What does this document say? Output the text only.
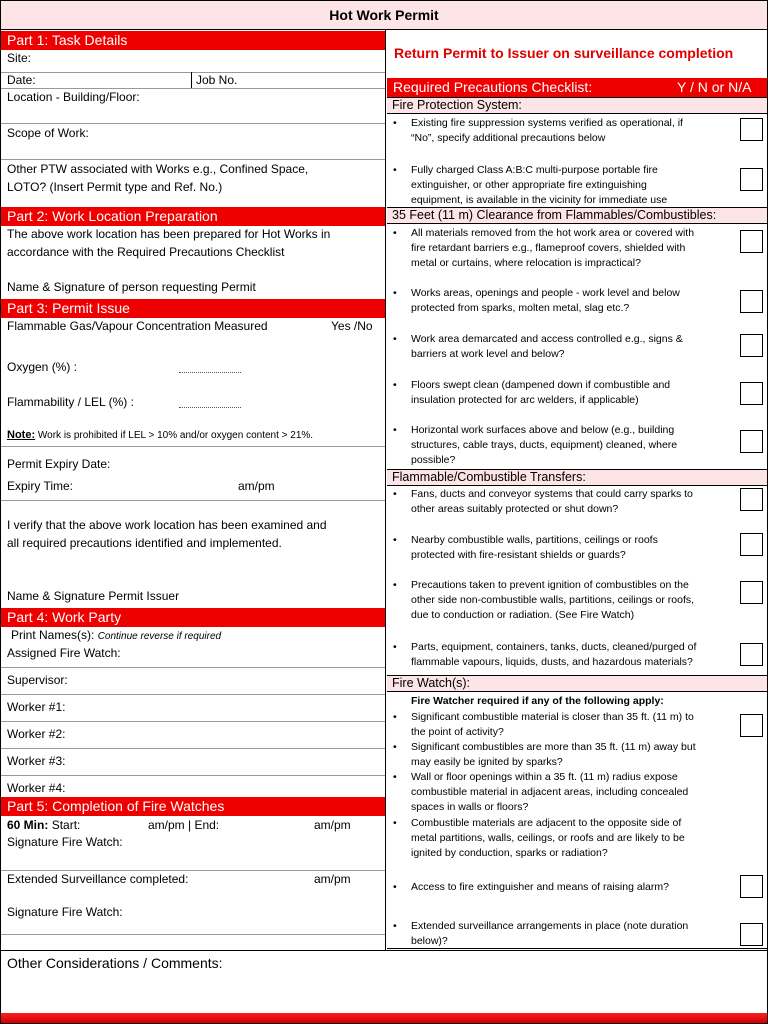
Hot Work Permit
Part 1: Task Details
Site:
Date:	Job No.
Location - Building/Floor:
Scope of Work:
Other PTW associated with Works e.g., Confined Space,
LOTO? (Insert Permit type and Ref. No.)
Part 2: Work Location Preparation
The above work location has been prepared for Hot Works in
accordance with the Required Precautions Checklist
Name & Signature of person requesting Permit
Part 3: Permit Issue
Flammable Gas/Vapour Concentration Measured	Yes /No
Oxygen (%) :
Flammability / LEL (%) :
Note: Work is prohibited if LEL > 10% and/or oxygen content > 21%.
Permit Expiry Date:
Expiry Time:	am/pm
I verify that the above work location has been examined and
all required precautions identified and implemented.
Name & Signature Permit Issuer
Part 4: Work Party
Print Names(s): Continue reverse if required
Assigned Fire Watch:
Supervisor:
Worker #1:
Worker #2:
Worker #3:
Worker #4:
Part 5: Completion of Fire Watches
60 Min: Start:	am/pm | End:	am/pm
Signature Fire Watch:
Extended Surveillance completed:	am/pm
Signature Fire Watch:
Return Permit to Issuer on surveillance completion
Required Precautions Checklist:	Y / N or N/A
Fire Protection System:
• Existing fire suppression systems verified as operational, if
“No”, specify additional precautions below
• Fully charged Class A:B:C multi-purpose portable fire
extinguisher, or other appropriate fire extinguishing
equipment, is available in the vicinity for immediate use
35 Feet (11 m) Clearance from Flammables/Combustibles:
• All materials removed from the hot work area or covered with
fire retardant barriers e.g., flameproof covers, shielded with
metal or curtains, where relocation is impractical?
• Works areas, openings and people - work level and below
protected from sparks, molten metal, slag etc.?
• Work area demarcated and access controlled e.g., signs &
barriers at work level and below?
• Floors swept clean (dampened down if combustible and
insulation protected for arc welders, if applicable)
• Horizontal work surfaces above and below (e.g., building
structures, cable trays, ducts, equipment) cleaned, where
possible?
Flammable/Combustible Transfers:
• Fans, ducts and conveyor systems that could carry sparks to
other areas suitably protected or shut down?
• Nearby combustible walls, partitions, ceilings or roofs
protected with fire-resistant shields or guards?
• Precautions taken to prevent ignition of combustibles on the
other side non-combustible walls, partitions, ceilings or roofs,
due to conduction or radiation. (See Fire Watch)
• Parts, equipment, containers, tanks, ducts, cleaned/purged of
flammable vapours, liquids, dusts, and hazardous materials?
Fire Watch(s):
Fire Watcher required if any of the following apply:
• Significant combustible material is closer than 35 ft. (11 m) to
the point of activity?
• Significant combustibles are more than 35 ft. (11 m) away but
may easily be ignited by sparks?
• Wall or floor openings within a 35 ft. (11 m) radius expose
combustible material in adjacent areas, including concealed
spaces in walls or floors?
• Combustible materials are adjacent to the opposite side of
metal partitions, walls, ceilings, or roofs and are likely to be
ignited by conduction, sparks or radiation?
• Access to fire extinguisher and means of raising alarm?
• Extended surveillance arrangements in place (note duration
below)?
Other Considerations / Comments:
